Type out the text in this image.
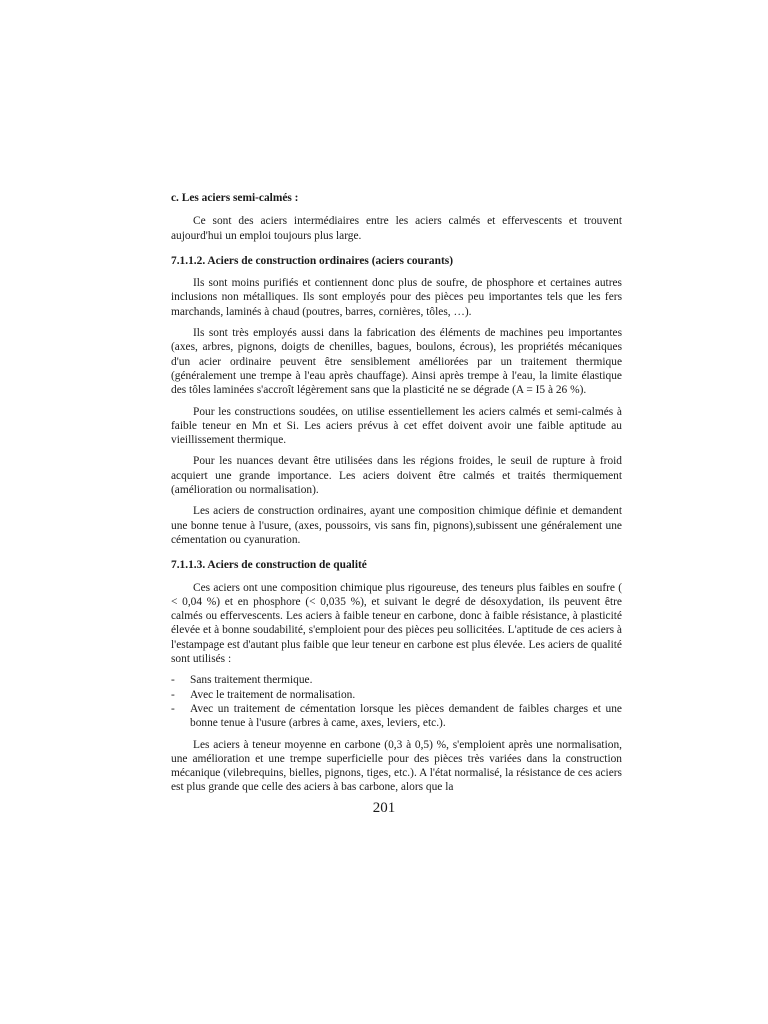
c. Les aciers semi-calmés :

Ce sont des aciers intermédiaires entre les aciers calmés et effervescents et trouvent aujourd'hui un emploi toujours plus large.

7.1.1.2. Aciers de construction ordinaires (aciers courants)

Ils sont moins purifiés et contiennent donc plus de soufre, de phosphore et certaines autres inclusions non métalliques. Ils sont employés pour des pièces peu importantes tels que les fers marchands, laminés à chaud (poutres, barres, cornières, tôles, …).

Ils sont très employés aussi dans la fabrication des éléments de machines peu importantes (axes, arbres, pignons, doigts de chenilles, bagues, boulons, écrous), les propriétés mécaniques d'un acier ordinaire peuvent être sensiblement améliorées par un traitement thermique (généralement une trempe à l'eau après chauffage). Ainsi après trempe à l'eau, la limite élastique des tôles laminées s'accroît légèrement sans que la plasticité ne se dégrade (A = I5 à 26 %).

Pour les constructions soudées, on utilise essentiellement les aciers calmés et semi-calmés à faible teneur en Mn et Si. Les aciers prévus à cet effet doivent avoir une faible aptitude au vieillissement thermique.

Pour les nuances devant être utilisées dans les régions froides, le seuil de rupture à froid acquiert une grande importance. Les aciers doivent être calmés et traités thermiquement (amélioration ou normalisation).

Les aciers de construction ordinaires, ayant une composition chimique définie et demandent une bonne tenue à l'usure, (axes, poussoirs, vis sans fin, pignons),subissent une généralement une cémentation ou cyanuration.

7.1.1.3. Aciers de construction de qualité

Ces aciers ont une composition chimique plus rigoureuse, des teneurs plus faibles en soufre ( < 0,04 %) et en phosphore (< 0,035 %), et suivant le degré de désoxydation, ils peuvent être calmés ou effervescents. Les aciers à faible teneur en carbone, donc à faible résistance, à plasticité élevée et à bonne soudabilité, s'emploient pour des pièces peu sollicitées. L'aptitude de ces aciers à l'estampage est d'autant plus faible que leur teneur en carbone est plus élevée. Les aciers de qualité sont utilisés :

- Sans traitement thermique.
- Avec le traitement de normalisation.
- Avec un traitement de cémentation lorsque les pièces demandent de faibles charges et une bonne tenue à l'usure (arbres à came, axes, leviers, etc.).

Les aciers à teneur moyenne en carbone (0,3 à 0,5) %, s'emploient après une normalisation, une amélioration et une trempe superficielle pour des pièces très variées dans la construction mécanique (vilebrequins, bielles, pignons, tiges, etc.). A l'état normalisé, la résistance de ces aciers est plus grande que celle des aciers à bas carbone, alors que la

201
